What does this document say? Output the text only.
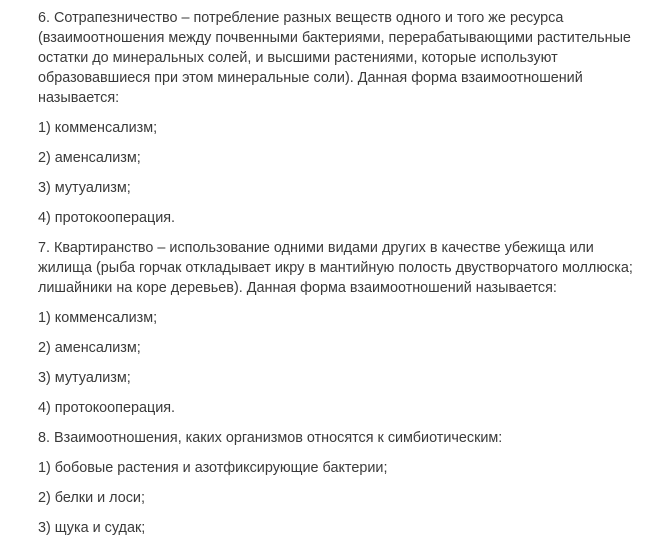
6. Сотрапезничество – потребление разных веществ одного и того же ресурса (взаимоотношения между почвенными бактериями, перерабатывающими растительные остатки до минеральных солей, и высшими растениями, которые используют образовавшиеся при этом минеральные соли). Данная форма взаимоотношений называется:

1) комменсализм;

2) аменсализм;

3) мутуализм;

4) протокооперация.

7. Квартиранство – использование одними видами других в качестве убежища или жилища (рыба горчак откладывает икру в мантийную полость двустворчатого моллюска; лишайники на коре деревьев). Данная форма взаимоотношений называется:

1) комменсализм;

2) аменсализм;

3) мутуализм;

4) протокооперация.

8. Взаимоотношения, каких организмов относятся к симбиотическим:

1) бобовые растения и азотфиксирующие бактерии;

2) белки и лоси;

3) щука и судак;
